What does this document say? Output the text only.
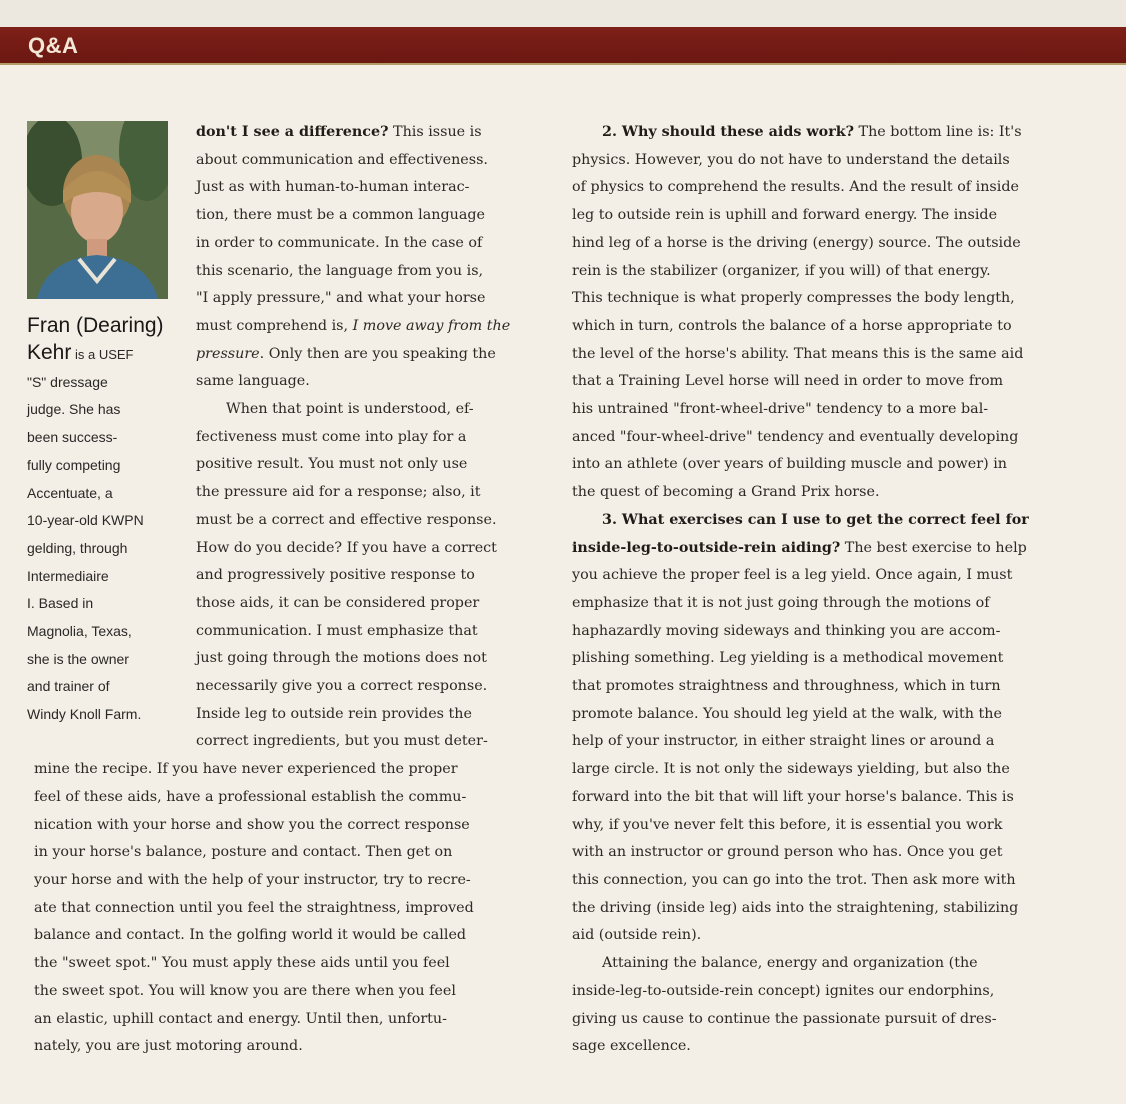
Q&A
Fran (Dearing)
Kehr is a USEF
"S" dressage
judge. She has
been success-
fully competing
Accentuate, a
10-year-old KWPN
gelding, through
Intermediaire
I. Based in
Magnolia, Texas,
she is the owner
and trainer of
Windy Knoll Farm.
don't I see a difference? This issue is
about communication and effectiveness.
Just as with human-to-human interac-
tion, there must be a common language
in order to communicate. In the case of
this scenario, the language from you is,
"I apply pressure," and what your horse
must comprehend is, I move away from the
pressure. Only then are you speaking the
same language.
When that point is understood, ef-
fectiveness must come into play for a
positive result. You must not only use
the pressure aid for a response; also, it
must be a correct and effective response.
How do you decide? If you have a correct
and progressively positive response to
those aids, it can be considered proper
communication. I must emphasize that
just going through the motions does not
necessarily give you a correct response.
Inside leg to outside rein provides the
correct ingredients, but you must deter-
mine the recipe. If you have never experienced the proper
feel of these aids, have a professional establish the commu-
nication with your horse and show you the correct response
in your horse's balance, posture and contact. Then get on
your horse and with the help of your instructor, try to recre-
ate that connection until you feel the straightness, improved
balance and contact. In the golfing world it would be called
the "sweet spot." You must apply these aids until you feel
the sweet spot. You will know you are there when you feel
an elastic, uphill contact and energy. Until then, unfortu-
nately, you are just motoring around.
2. Why should these aids work? The bottom line is: It's
physics. However, you do not have to understand the details
of physics to comprehend the results. And the result of inside
leg to outside rein is uphill and forward energy. The inside
hind leg of a horse is the driving (energy) source. The outside
rein is the stabilizer (organizer, if you will) of that energy.
This technique is what properly compresses the body length,
which in turn, controls the balance of a horse appropriate to
the level of the horse's ability. That means this is the same aid
that a Training Level horse will need in order to move from
his untrained "front-wheel-drive" tendency to a more bal-
anced "four-wheel-drive" tendency and eventually developing
into an athlete (over years of building muscle and power) in
the quest of becoming a Grand Prix horse.
3. What exercises can I use to get the correct feel for
inside-leg-to-outside-rein aiding? The best exercise to help
you achieve the proper feel is a leg yield. Once again, I must
emphasize that it is not just going through the motions of
haphazardly moving sideways and thinking you are accom-
plishing something. Leg yielding is a methodical movement
that promotes straightness and throughness, which in turn
promote balance. You should leg yield at the walk, with the
help of your instructor, in either straight lines or around a
large circle. It is not only the sideways yielding, but also the
forward into the bit that will lift your horse's balance. This is
why, if you've never felt this before, it is essential you work
with an instructor or ground person who has. Once you get
this connection, you can go into the trot. Then ask more with
the driving (inside leg) aids into the straightening, stabilizing
aid (outside rein).
Attaining the balance, energy and organization (the
inside-leg-to-outside-rein concept) ignites our endorphins,
giving us cause to continue the passionate pursuit of dres-
sage excellence.
